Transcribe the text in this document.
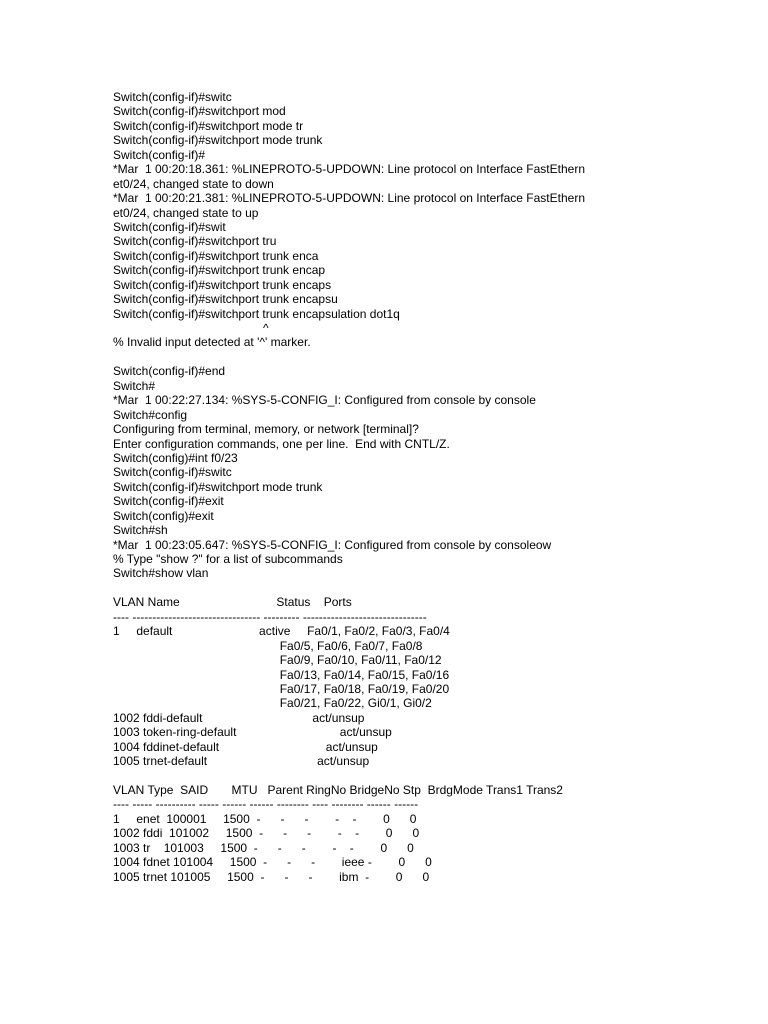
Switch(config-if)#switc
Switch(config-if)#switchport mod
Switch(config-if)#switchport mode tr
Switch(config-if)#switchport mode trunk
Switch(config-if)#
*Mar  1 00:20:18.361: %LINEPROTO-5-UPDOWN: Line protocol on Interface FastEthern
et0/24, changed state to down
*Mar  1 00:20:21.381: %LINEPROTO-5-UPDOWN: Line protocol on Interface FastEthern
et0/24, changed state to up
Switch(config-if)#swit
Switch(config-if)#switchport tru
Switch(config-if)#switchport trunk enca
Switch(config-if)#switchport trunk encap
Switch(config-if)#switchport trunk encaps
Switch(config-if)#switchport trunk encapsu
Switch(config-if)#switchport trunk encapsulation dot1q
^
% Invalid input detected at '^' marker.
Switch(config-if)#end
Switch#
*Mar  1 00:22:27.134: %SYS-5-CONFIG_I: Configured from console by console
Switch#config
Configuring from terminal, memory, or network [terminal]?
Enter configuration commands, one per line.  End with CNTL/Z.
Switch(config)#int f0/23
Switch(config-if)#switc
Switch(config-if)#switchport mode trunk
Switch(config-if)#exit
Switch(config)#exit
Switch#sh
*Mar  1 00:23:05.647: %SYS-5-CONFIG_I: Configured from console by consoleow
% Type "show ?" for a list of subcommands
Switch#show vlan
VLAN Name                             Status    Ports
---- -------------------------------- --------- -------------------------------
1     default                          active     Fa0/1, Fa0/2, Fa0/3, Fa0/4
Fa0/5, Fa0/6, Fa0/7, Fa0/8
Fa0/9, Fa0/10, Fa0/11, Fa0/12
Fa0/13, Fa0/14, Fa0/15, Fa0/16
Fa0/17, Fa0/18, Fa0/19, Fa0/20
Fa0/21, Fa0/22, Gi0/1, Gi0/2
1002 fddi-default                                 act/unsup
1003 token-ring-default                               act/unsup
1004 fddinet-default                                act/unsup
1005 trnet-default                                 act/unsup
VLAN Type  SAID       MTU   Parent RingNo BridgeNo Stp  BrdgMode Trans1 Trans2
---- ----- ---------- ----- ------ ------ -------- ---- -------- ------ ------
1     enet  100001     1500  -      -      -        -    -        0      0
1002 fddi  101002     1500  -      -      -        -    -        0      0
1003 tr    101003     1500  -      -      -        -    -        0      0
1004 fdnet 101004     1500  -      -      -        ieee -        0      0
1005 trnet 101005     1500  -      -      -        ibm  -        0      0
